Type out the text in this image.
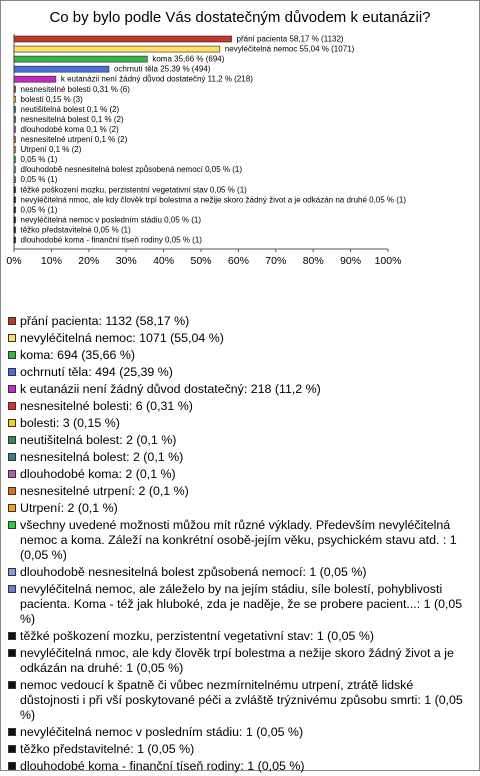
Co by bylo podle Vás dostatečným důvodem k eutanázii?
přání pacienta 58,17 % (1132)
nevyléčitelná nemoc 55,04 % (1071)
koma 35,66 % (694)
ochrnutí těla 25,39 % (494)
k eutanázii není žádný důvod dostatečný 11,2 % (218)
nesnesitelné bolesti 0,31 % (6)
bolesti 0,15 % (3)
neutišitelná bolest 0,1 % (2)
nesnesitelná bolest 0,1 % (2)
dlouhodobé koma 0,1 % (2)
nesnesitelné utrpení 0,1 % (2)
Utrpení 0,1 % (2)
0,05 % (1)
dlouhodobě nesnesitelná bolest způsobená nemocí 0,05 % (1)
0,05 % (1)
těžké poškození mozku, perzistentní vegetativní stav 0,05 % (1)
nevyléčitelná nmoc, ale kdy člověk trpí bolestma a nežije skoro žádný život a je odkázán na druhé 0,05 % (1)
0,05 % (1)
nevyléčitelná nemoc v posledním stádiu 0,05 % (1)
těžko představitelné 0,05 % (1)
dlouhodobé koma - finanční tíseň rodiny 0,05 % (1)
0% 10% 20% 30% 40% 50% 60% 70% 80% 90% 100%
přání pacienta: 1132 (58,17 %)
nevyléčitelná nemoc: 1071 (55,04 %)
koma: 694 (35,66 %)
ochrnutí těla: 494 (25,39 %)
k eutanázii není žádný důvod dostatečný: 218 (11,2 %)
nesnesitelné bolesti: 6 (0,31 %)
bolesti: 3 (0,15 %)
neutišitelná bolest: 2 (0,1 %)
nesnesitelná bolest: 2 (0,1 %)
dlouhodobé koma: 2 (0,1 %)
nesnesitelné utrpení: 2 (0,1 %)
Utrpení: 2 (0,1 %)
všechny uvedené možnosti můžou mít různé výklady. Především nevyléčitelná nemoc a koma. Záleží na konkrétní osobě-jejím věku, psychickém stavu atd. : 1 (0,05 %)
dlouhodobě nesnesitelná bolest způsobená nemocí: 1 (0,05 %)
nevyléčitelná nemoc, ale záleželo by na jejím stádiu, síle bolestí, pohyblivosti pacienta. Koma - též jak hluboké, zda je naděje, že se probere pacient...: 1 (0,05 %)
těžké poškození mozku, perzistentní vegetativní stav: 1 (0,05 %)
nevyléčitelná nmoc, ale kdy člověk trpí bolestma a nežije skoro žádný život a je odkázán na druhé: 1 (0,05 %)
nemoc vedoucí k špatně či vůbec nezmírnitelnému utrpení, ztrátě lidské důstojnosti i při vší poskytované péči a zvláště trýznivému způsobu smrti: 1 (0,05 %)
nevyléčitelná nemoc v posledním stádiu: 1 (0,05 %)
těžko představitelné: 1 (0,05 %)
dlouhodobé koma - finanční tíseň rodiny: 1 (0,05 %)
